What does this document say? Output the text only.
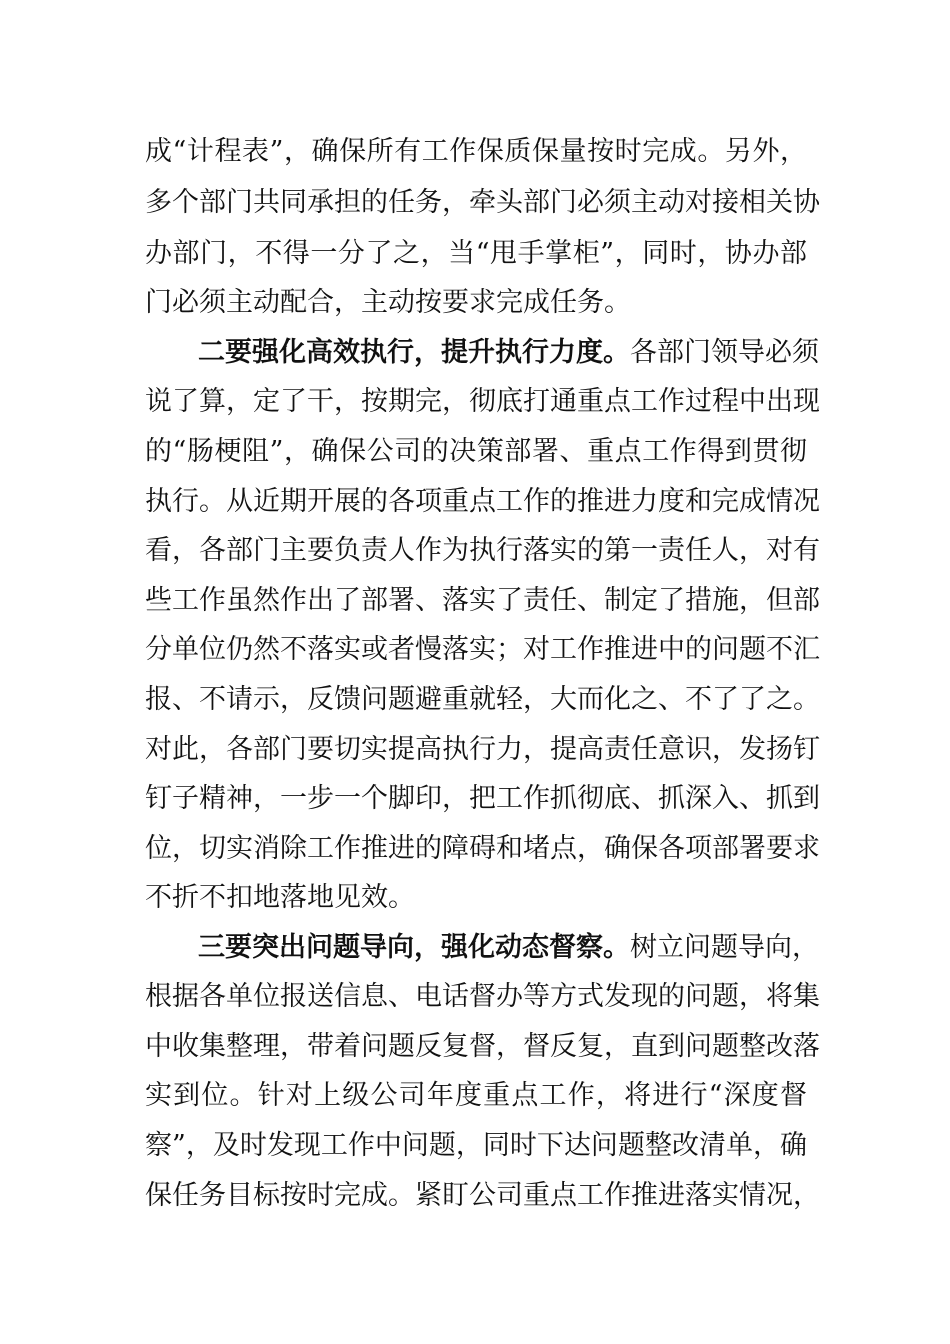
成“计程表”，确保所有工作保质保量按时完成。另外，
多个部门共同承担的任务，牵头部门必须主动对接相关协
办部门，不得一分了之，当“甩手掌柜”，同时，协办部
门必须主动配合，主动按要求完成任务。
二要强化高效执行，提升执行力度。各部门领导必须
说了算，定了干，按期完，彻底打通重点工作过程中出现
的“肠梗阻”，确保公司的决策部署、重点工作得到贯彻
执行。从近期开展的各项重点工作的推进力度和完成情况
看，各部门主要负责人作为执行落实的第一责任人，对有
些工作虽然作出了部署、落实了责任、制定了措施，但部
分单位仍然不落实或者慢落实；对工作推进中的问题不汇
报、不请示，反馈问题避重就轻，大而化之、不了了之。
对此，各部门要切实提高执行力，提高责任意识，发扬钉
钉子精神，一步一个脚印，把工作抓彻底、抓深入、抓到
位，切实消除工作推进的障碍和堵点，确保各项部署要求
不折不扣地落地见效。
三要突出问题导向，强化动态督察。树立问题导向，
根据各单位报送信息、电话督办等方式发现的问题，将集
中收集整理，带着问题反复督，督反复，直到问题整改落
实到位。针对上级公司年度重点工作，将进行“深度督
察”，及时发现工作中问题，同时下达问题整改清单，确
保任务目标按时完成。紧盯公司重点工作推进落实情况，
